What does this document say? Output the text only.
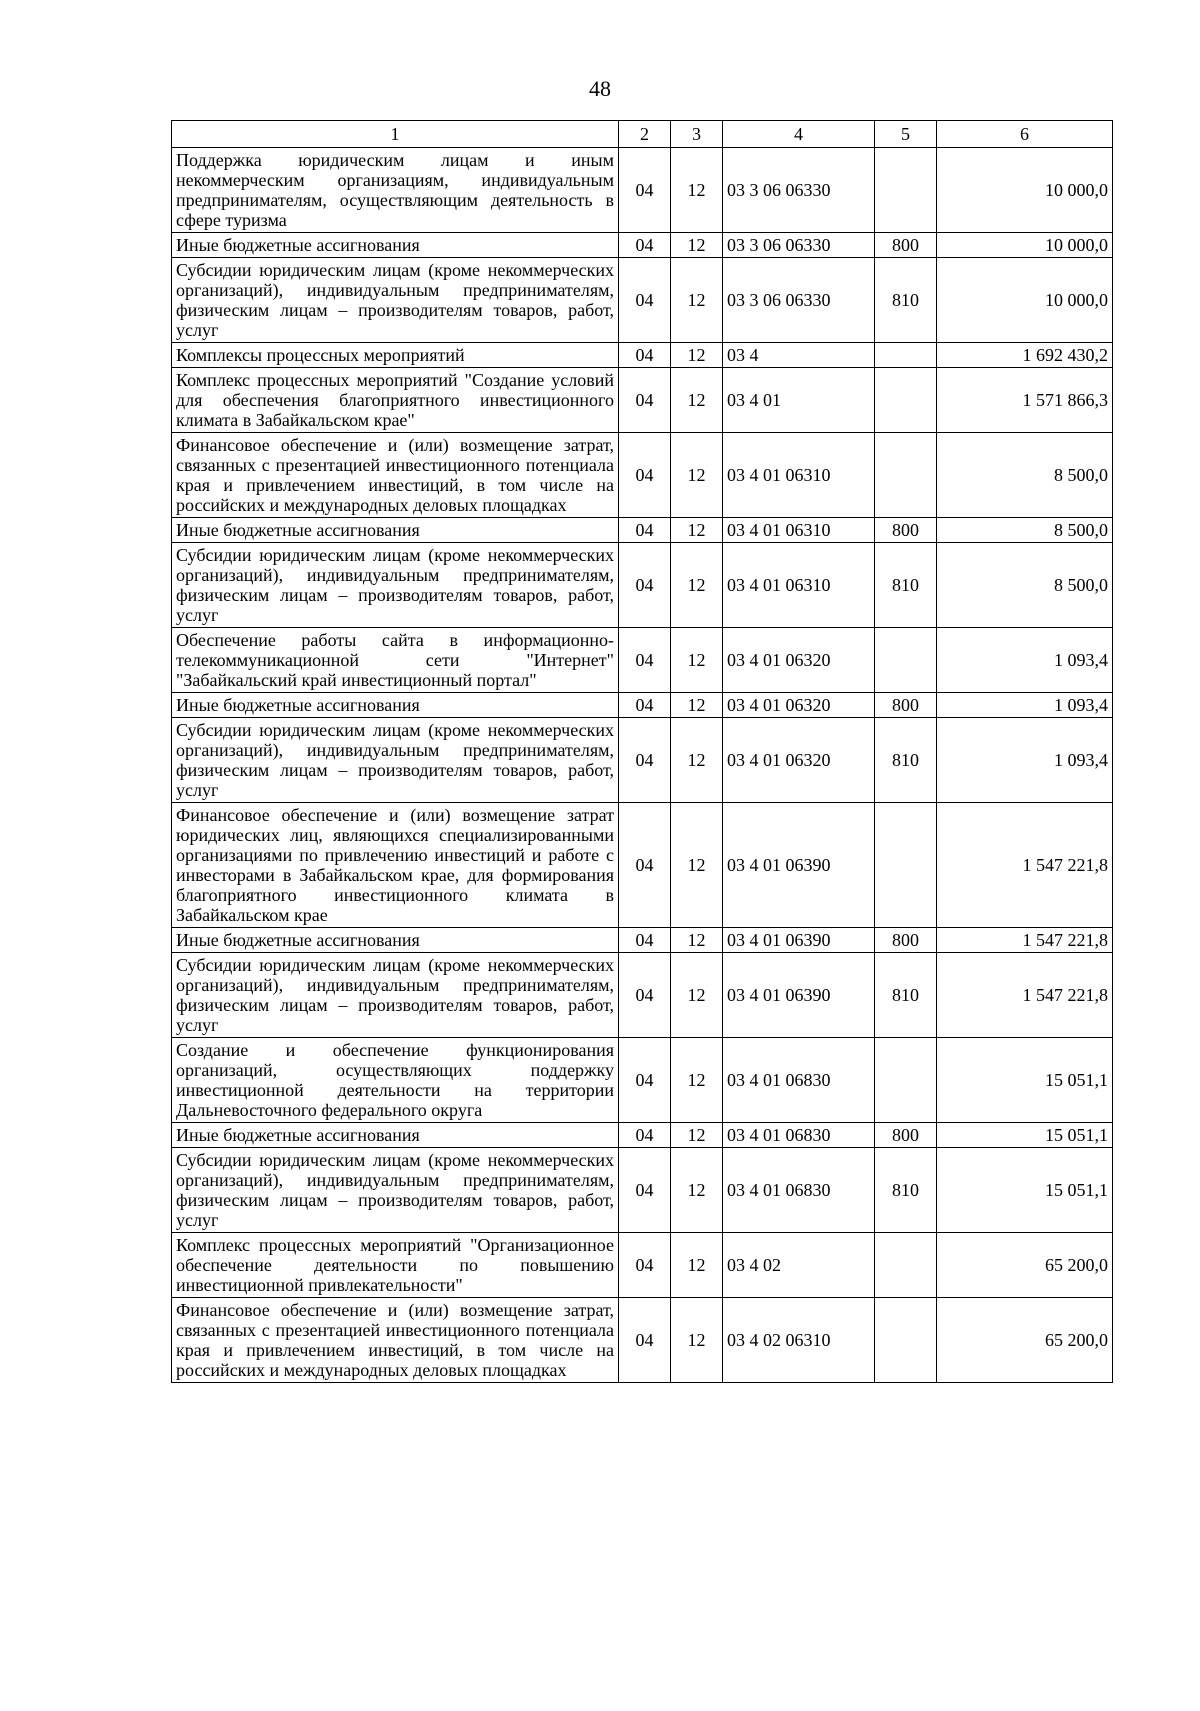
48
1	2	3	4	5	6
Поддержка юридическим лицам и иным некоммерческим организациям, индивидуальным предпринимателям, осуществляющим деятельность в сфере туризма	04	12	03 3 06 06330		10 000,0
Иные бюджетные ассигнования	04	12	03 3 06 06330	800	10 000,0
Субсидии юридическим лицам (кроме некоммерческих организаций), индивидуальным предпринимателям, физическим лицам – производителям товаров, работ, услуг	04	12	03 3 06 06330	810	10 000,0
Комплексы процессных мероприятий	04	12	03 4		1 692 430,2
Комплекс процессных мероприятий "Создание условий для обеспечения благоприятного инвестиционного климата в Забайкальском крае"	04	12	03 4 01		1 571 866,3
Финансовое обеспечение и (или) возмещение затрат, связанных с презентацией инвестиционного потенциала края и привлечением инвестиций, в том числе на российских и международных деловых площадках	04	12	03 4 01 06310		8 500,0
Иные бюджетные ассигнования	04	12	03 4 01 06310	800	8 500,0
Субсидии юридическим лицам (кроме некоммерческих организаций), индивидуальным предпринимателям, физическим лицам – производителям товаров, работ, услуг	04	12	03 4 01 06310	810	8 500,0
Обеспечение работы сайта в информационно-телекоммуникационной сети "Интернет" "Забайкальский край инвестиционный портал"	04	12	03 4 01 06320		1 093,4
Иные бюджетные ассигнования	04	12	03 4 01 06320	800	1 093,4
Субсидии юридическим лицам (кроме некоммерческих организаций), индивидуальным предпринимателям, физическим лицам – производителям товаров, работ, услуг	04	12	03 4 01 06320	810	1 093,4
Финансовое обеспечение и (или) возмещение затрат юридических лиц, являющихся специализированными организациями по привлечению инвестиций и работе с инвесторами в Забайкальском крае, для формирования благоприятного инвестиционного климата в Забайкальском крае	04	12	03 4 01 06390		1 547 221,8
Иные бюджетные ассигнования	04	12	03 4 01 06390	800	1 547 221,8
Субсидии юридическим лицам (кроме некоммерческих организаций), индивидуальным предпринимателям, физическим лицам – производителям товаров, работ, услуг	04	12	03 4 01 06390	810	1 547 221,8
Создание и обеспечение функционирования организаций, осуществляющих поддержку инвестиционной деятельности на территории Дальневосточного федерального округа	04	12	03 4 01 06830		15 051,1
Иные бюджетные ассигнования	04	12	03 4 01 06830	800	15 051,1
Субсидии юридическим лицам (кроме некоммерческих организаций), индивидуальным предпринимателям, физическим лицам – производителям товаров, работ, услуг	04	12	03 4 01 06830	810	15 051,1
Комплекс процессных мероприятий "Организационное обеспечение деятельности по повышению инвестиционной привлекательности"	04	12	03 4 02		65 200,0
Финансовое обеспечение и (или) возмещение затрат, связанных с презентацией инвестиционного потенциала края и привлечением инвестиций, в том числе на российских и международных деловых площадках	04	12	03 4 02 06310		65 200,0
